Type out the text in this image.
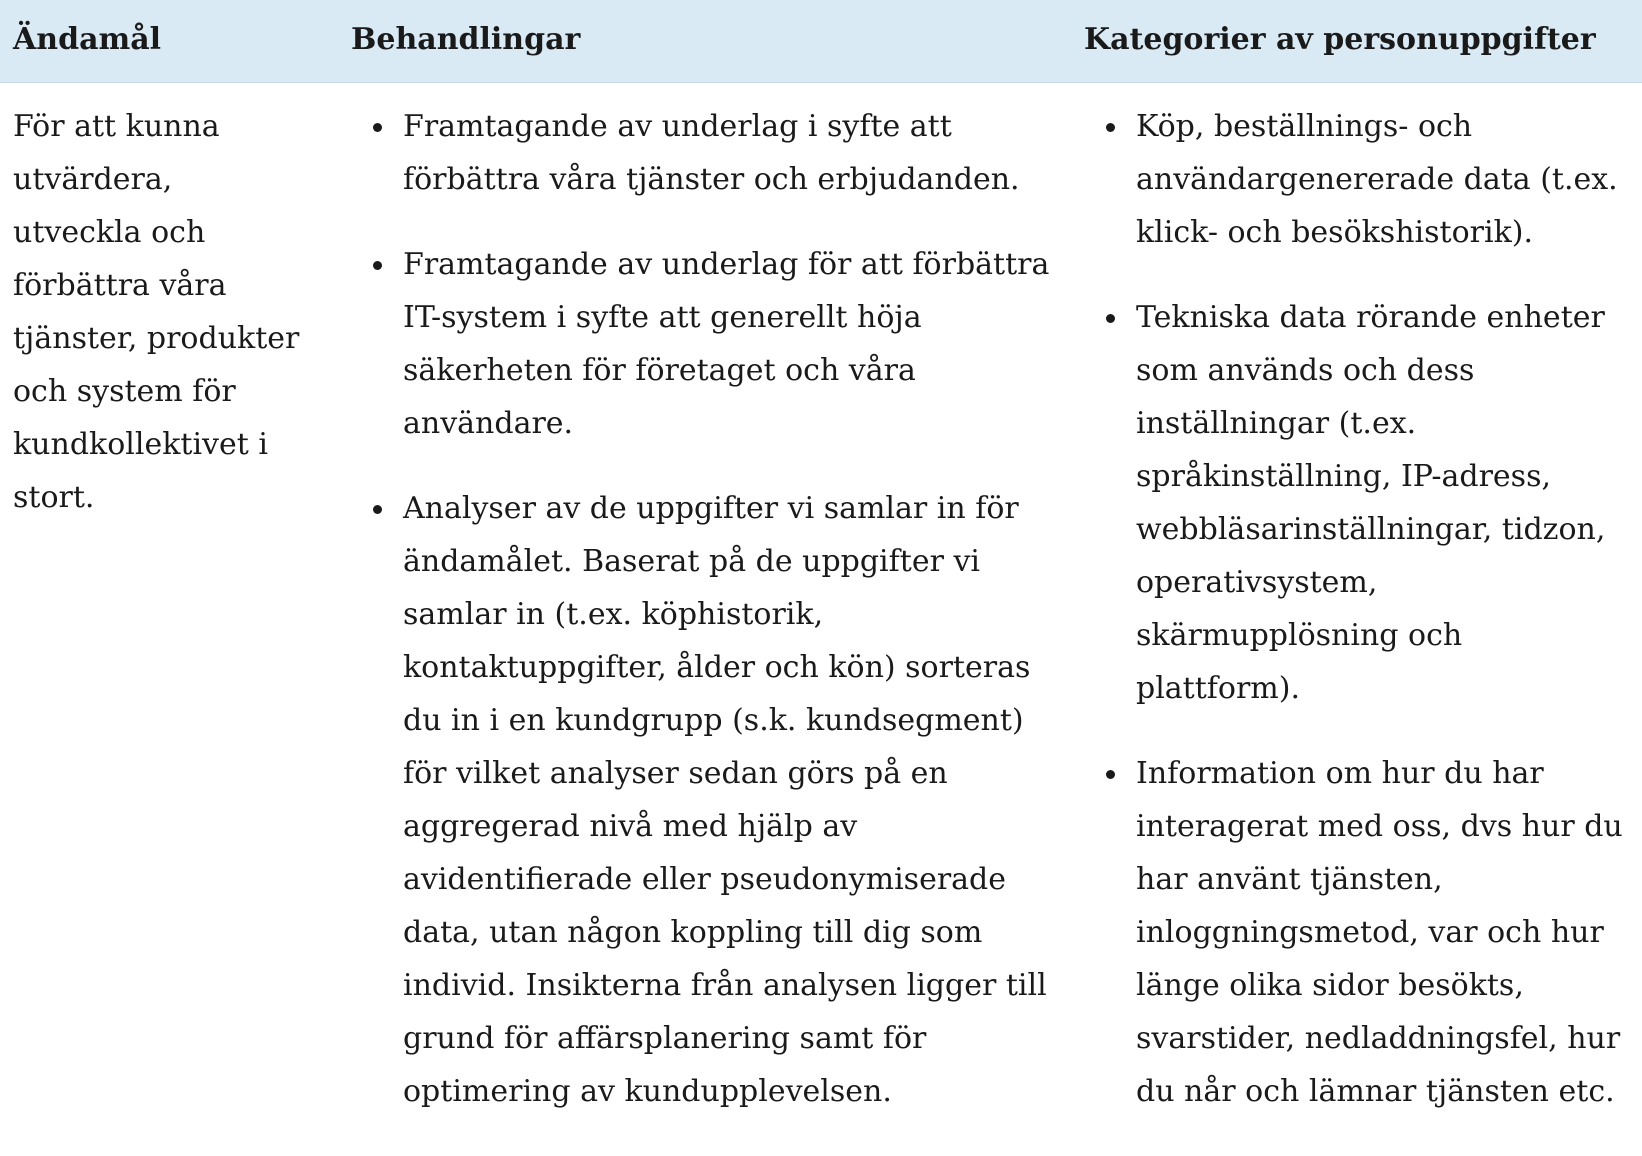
Ändamål	Behandlingar	Kategorier av personuppgifter
För att kunna utvärdera, utveckla och förbättra våra tjänster, produkter och system för kundkollektivet i stort.
Framtagande av underlag i syfte att förbättra våra tjänster och erbjudanden.
Framtagande av underlag för att förbättra IT-system i syfte att generellt höja säkerheten för företaget och våra användare.
Analyser av de uppgifter vi samlar in för ändamålet. Baserat på de uppgifter vi samlar in (t.ex. köphistorik, kontaktuppgifter, ålder och kön) sorteras du in i en kundgrupp (s.k. kundsegment) för vilket analyser sedan görs på en aggregerad nivå med hjälp av avidentifierade eller pseudonymiserade data, utan någon koppling till dig som individ. Insikterna från analysen ligger till grund för affärsplanering samt för optimering av kundupplevelsen.
Köp, beställnings- och användargenererade data (t.ex. klick- och besökshistorik).
Tekniska data rörande enheter som används och dess inställningar (t.ex. språkinställning, IP-adress, webbläsarinställningar, tidzon, operativsystem, skärmupplösning och plattform).
Information om hur du har interagerat med oss, dvs hur du har använt tjänsten, inloggningsmetod, var och hur länge olika sidor besökts, svarstider, nedladdningsfel, hur du når och lämnar tjänsten etc.
